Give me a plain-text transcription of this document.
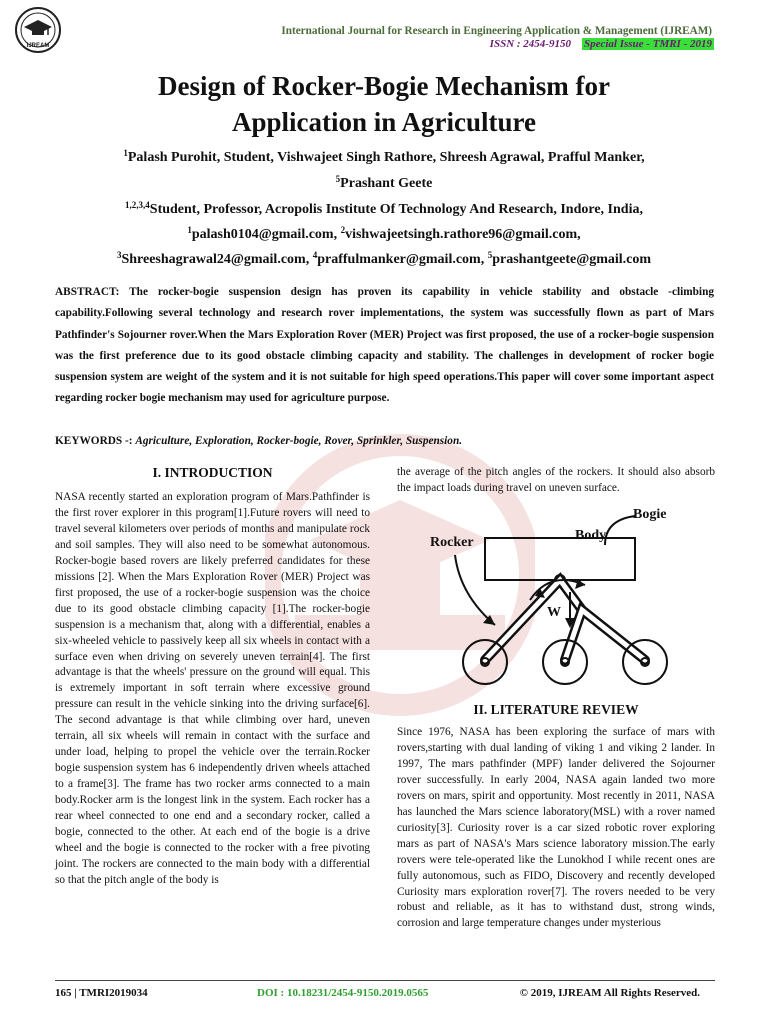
IJREAM
International Journal for Research in Engineering Application & Management (IJREAM)
ISSN : 2454-9150 Special Issue - TMRI - 2019
Design of Rocker-Bogie Mechanism for
Application in Agriculture
$^1$Palash Purohit, Student, Vishwajeet Singh Rathore, Shreesh Agrawal, Prafful Manker,
$^5$Prashant Geete
$^{1,2,3,4}$Student, Professor, Acropolis Institute Of Technology And Research, Indore, India,
$^1$palash0104@gmail.com, $^2$vishwajeetsingh.rathore96@gmail.com,
$^3$Shreeshagrawal24@gmail.com, $^4$praffulmanker@gmail.com, $^5$prashantgeete@gmail.com
ABSTRACT: The rocker-bogie suspension design has proven its capability in vehicle stability and obstacle -climbing capability.Following several technology and research rover implementations, the system was successfully flown as part of Mars Pathfinder's Sojourner rover.When the Mars Exploration Rover (MER) Project was first proposed, the use of a rocker-bogie suspension was the first preference due to its good obstacle climbing capacity and stability. The challenges in development of rocker bogie suspension system are weight of the system and it is not suitable for high speed operations.This paper will cover some important aspect regarding rocker bogie mechanism may used for agriculture purpose.
KEYWORDS -: Agriculture, Exploration, Rocker-bogie, Rover, Sprinkler, Suspension.
I. INTRODUCTION
NASA recently started an exploration program of Mars.Pathfinder is the first rover explorer in this program[1].Future rovers will need to travel several kilometers over periods of months and manipulate rock and soil samples. They will also need to be somewhat autonomous. Rocker-bogie based rovers are likely preferred candidates for these missions [2]. When the Mars Exploration Rover (MER) Project was first proposed, the use of a rocker-bogie suspension was the choice due to its good obstacle climbing capacity [1].The rocker-bogie suspension is a mechanism that, along with a differential, enables a six-wheeled vehicle to passively keep all six wheels in contact with a surface even when driving on severely uneven terrain[4]. The first advantage is that the wheels' pressure on the ground will equal. This is extremely important in soft terrain where excessive ground pressure can result in the vehicle sinking into the driving surface[6]. The second advantage is that while climbing over hard, uneven terrain, all six wheels will remain in contact with the surface and under load, helping to propel the vehicle over the terrain.Rocker bogie suspension system has 6 independently driven wheels attached to a frame[3]. The frame has two rocker arms connected to a main body.Rocker arm is the longest link in the system. Each rocker has a rear wheel connected to one end and a secondary rocker, called a bogie, connected to the other. At each end of the bogie is a drive wheel and the bogie is connected to the rocker with a free pivoting joint. The rockers are connected to the main body with a differential so that the pitch angle of the body is
the average of the pitch angles of the rockers. It should also absorb the impact loads during travel on uneven surface.
Rocker	Body
Bogie
W
II. LITERATURE REVIEW
Since 1976, NASA has been exploring the surface of mars with rovers,starting with dual landing of viking 1 and viking 2 lander. In 1997, The mars pathfinder (MPF) lander delivered the Sojourner rover successfully. In early 2004, NASA again landed two more rovers on mars, spirit and opportunity. Most recently in 2011, NASA has launched the Mars science laboratory(MSL) with a rover named curiosity[3]. Curiosity rover is a car sized robotic rover exploring mars as part of NASA's Mars science laboratory mission.The early rovers were tele-operated like the Lunokhod I while recent ones are fully autonomous, such as FIDO, Discovery and recently developed Curiosity mars exploration rover[7]. The rovers needed to be very robust and reliable, as it has to withstand dust, strong winds, corrosion and large temperature changes under mysterious
165 | TMRI2019034	DOI : 10.18231/2454-9150.2019.0565	© 2019, IJREAM All Rights Reserved.
